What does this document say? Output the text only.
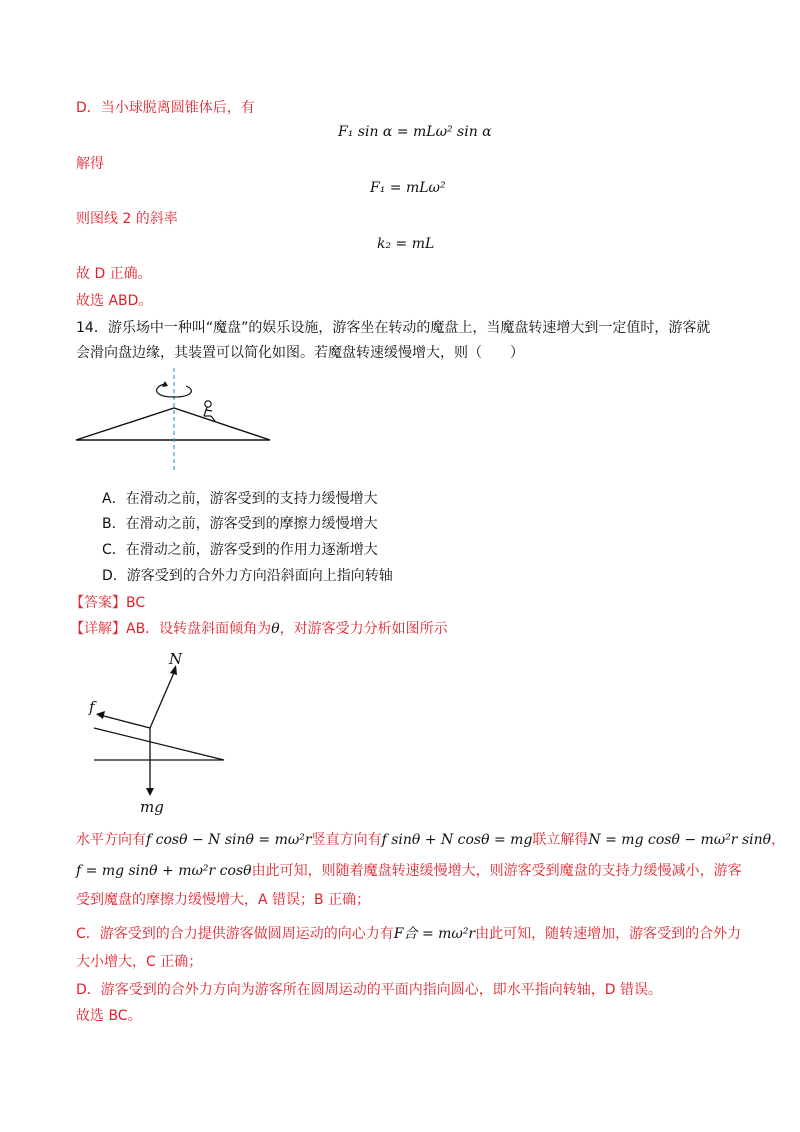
D．当小球脱离圆锥体后，有
F₁ sin α = mLω² sin α
解得
F₁ = mLω²
则图线 2 的斜率
k₂ = mL
故 D 正确。
故选 ABD。
14．游乐场中一种叫“魔盘”的娱乐设施，游客坐在转动的魔盘上，当魔盘转速增大到一定值时，游客就
会滑向盘边缘，其装置可以简化如图。若魔盘转速缓慢增大，则（　　）
A．在滑动之前，游客受到的支持力缓慢增大
B．在滑动之前，游客受到的摩擦力缓慢增大
C．在滑动之前，游客受到的作用力逐渐增大
D．游客受到的合外力方向沿斜面向上指向转轴
【答案】BC
【详解】AB．设转盘斜面倾角为θ，对游客受力分析如图所示
N
f
mg
水平方向有f cosθ − N sinθ = mω²r竖直方向有f sinθ + N cosθ = mg联立解得N = mg cosθ − mω²r sinθ，
f = mg sinθ + mω²r cosθ由此可知，则随着魔盘转速缓慢增大，则游客受到魔盘的支持力缓慢减小，游客
受到魔盘的摩擦力缓慢增大，A 错误；B 正确；
C．游客受到的合力提供游客做圆周运动的向心力有F合 = mω²r由此可知，随转速增加，游客受到的合外力
大小增大，C 正确；
D．游客受到的合外力方向为游客所在圆周运动的平面内指向圆心，即水平指向转轴，D 错误。
故选 BC。
